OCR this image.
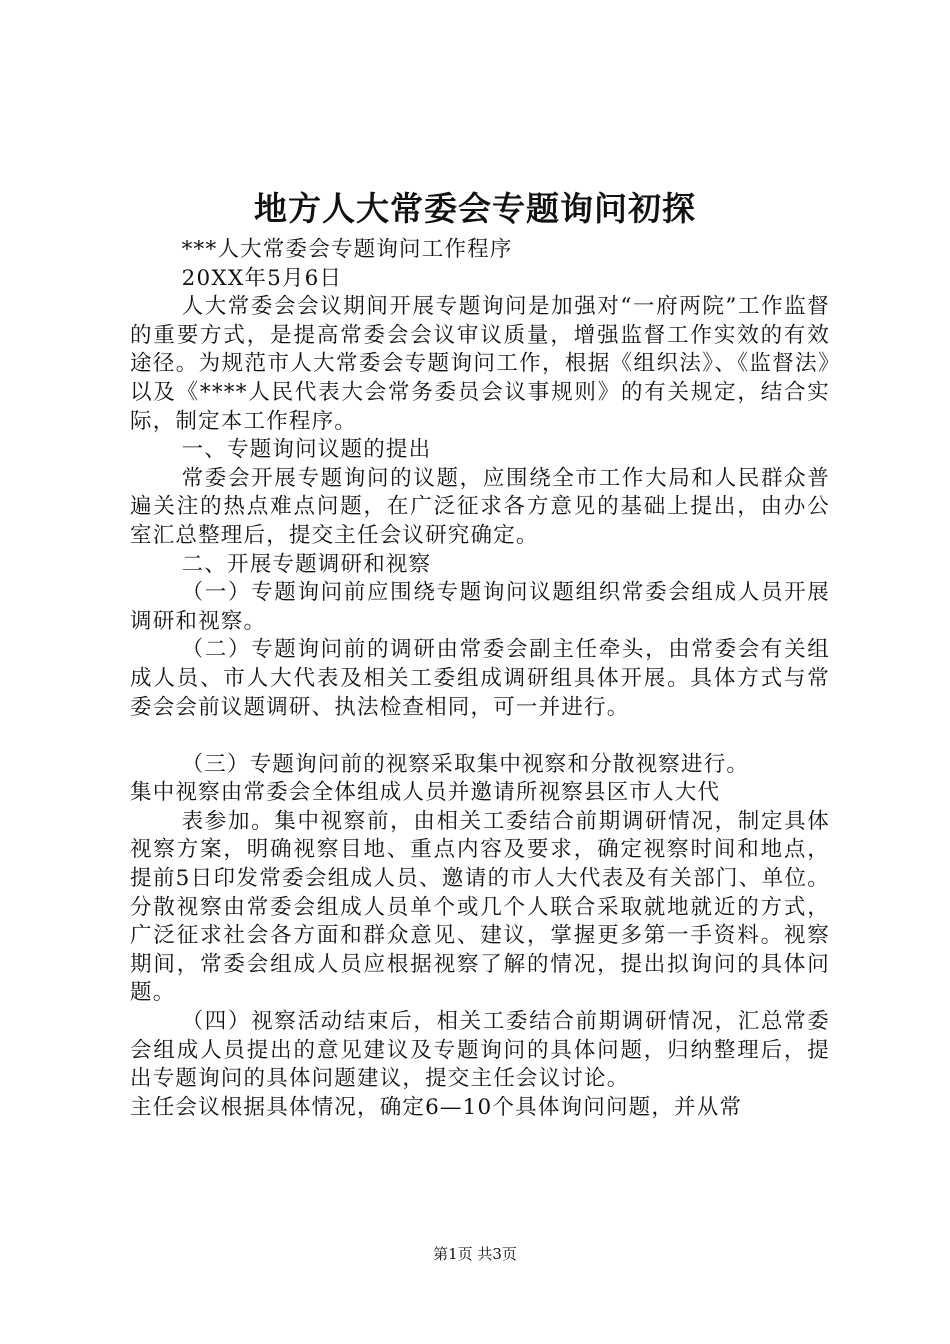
地方人大常委会专题询问初探

***人大常委会专题询问工作程序

20XX年5月6日

人大常委会会议期间开展专题询问是加强对“一府两院”工作监督的重要方式，是提高常委会会议审议质量，增强监督工作实效的有效途径。为规范市人大常委会专题询问工作，根据《组织法》、《监督法》以及《****人民代表大会常务委员会议事规则》的有关规定，结合实际，制定本工作程序。

一、专题询问议题的提出

常委会开展专题询问的议题，应围绕全市工作大局和人民群众普遍关注的热点难点问题，在广泛征求各方意见的基础上提出，由办公室汇总整理后，提交主任会议研究确定。

二、开展专题调研和视察

（一）专题询问前应围绕专题询问议题组织常委会组成人员开展调研和视察。

（二）专题询问前的调研由常委会副主任牵头，由常委会有关组成人员、市人大代表及相关工委组成调研组具体开展。具体方式与常委会会前议题调研、执法检查相同，可一并进行。

（三）专题询问前的视察采取集中视察和分散视察进行。

集中视察由常委会全体组成人员并邀请所视察县区市人大代

表参加。集中视察前，由相关工委结合前期调研情况，制定具体视察方案，明确视察目地、重点内容及要求，确定视察时间和地点，提前5日印发常委会组成人员、邀请的市人大代表及有关部门、单位。分散视察由常委会组成人员单个或几个人联合采取就地就近的方式，广泛征求社会各方面和群众意见、建议，掌握更多第一手资料。视察期间，常委会组成人员应根据视察了解的情况，提出拟询问的具体问题。

（四）视察活动结束后，相关工委结合前期调研情况，汇总常委会组成人员提出的意见建议及专题询问的具体问题，归纳整理后，提出专题询问的具体问题建议，提交主任会议讨论。

主任会议根据具体情况，确定6—10个具体询问问题，并从常

第1页 共3页
